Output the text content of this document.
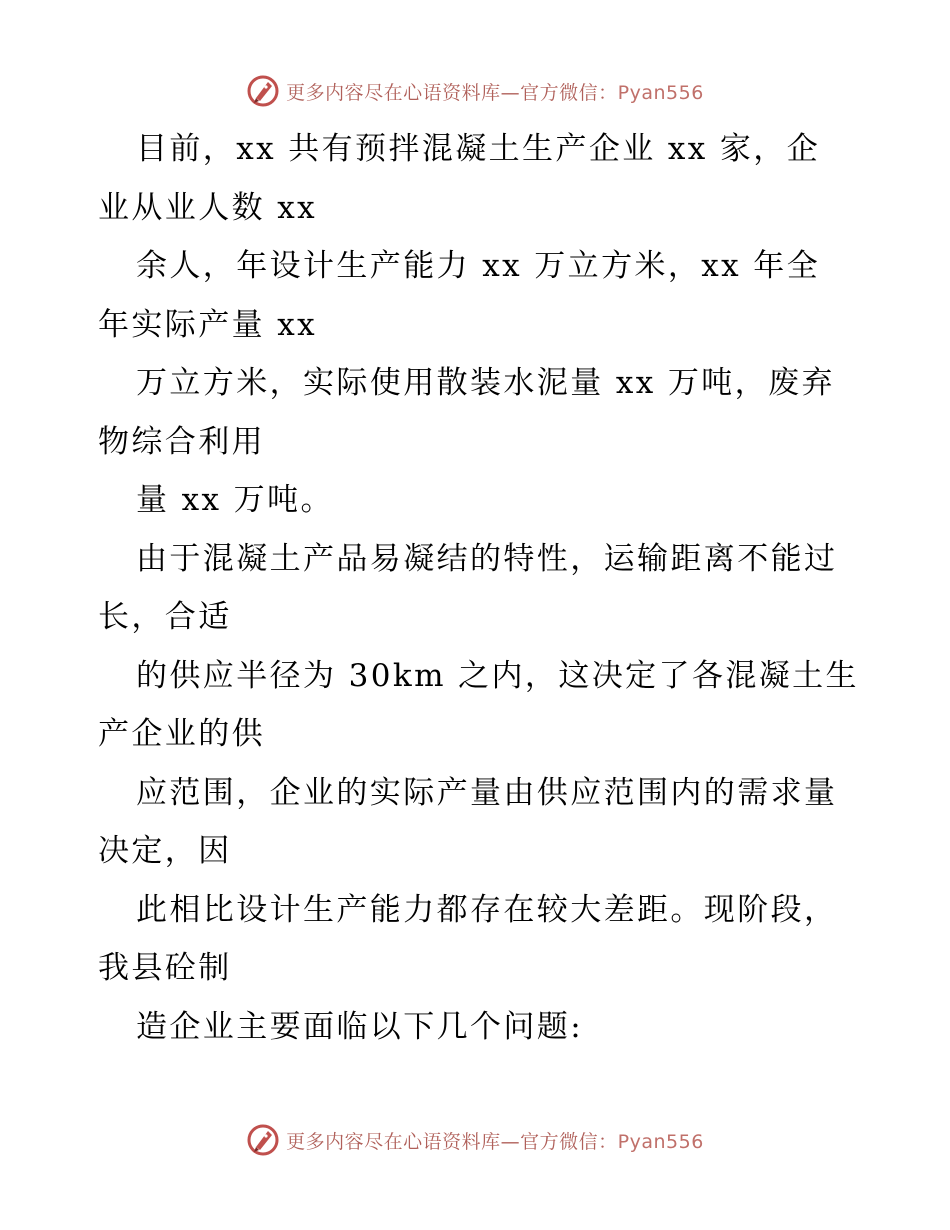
更多内容尽在心语资料库—官方微信：Pyan556
目前，xx 共有预拌混凝土生产企业 xx 家，企
业从业人数 xx
余人，年设计生产能力 xx 万立方米，xx 年全
年实际产量 xx
万立方米，实际使用散装水泥量 xx 万吨，废弃
物综合利用
量 xx 万吨。
由于混凝土产品易凝结的特性，运输距离不能过
长，合适
的供应半径为 30km 之内，这决定了各混凝土生
产企业的供
应范围，企业的实际产量由供应范围内的需求量
决定，因
此相比设计生产能力都存在较大差距。现阶段，
我县砼制
造企业主要面临以下几个问题:
更多内容尽在心语资料库—官方微信：Pyan556
